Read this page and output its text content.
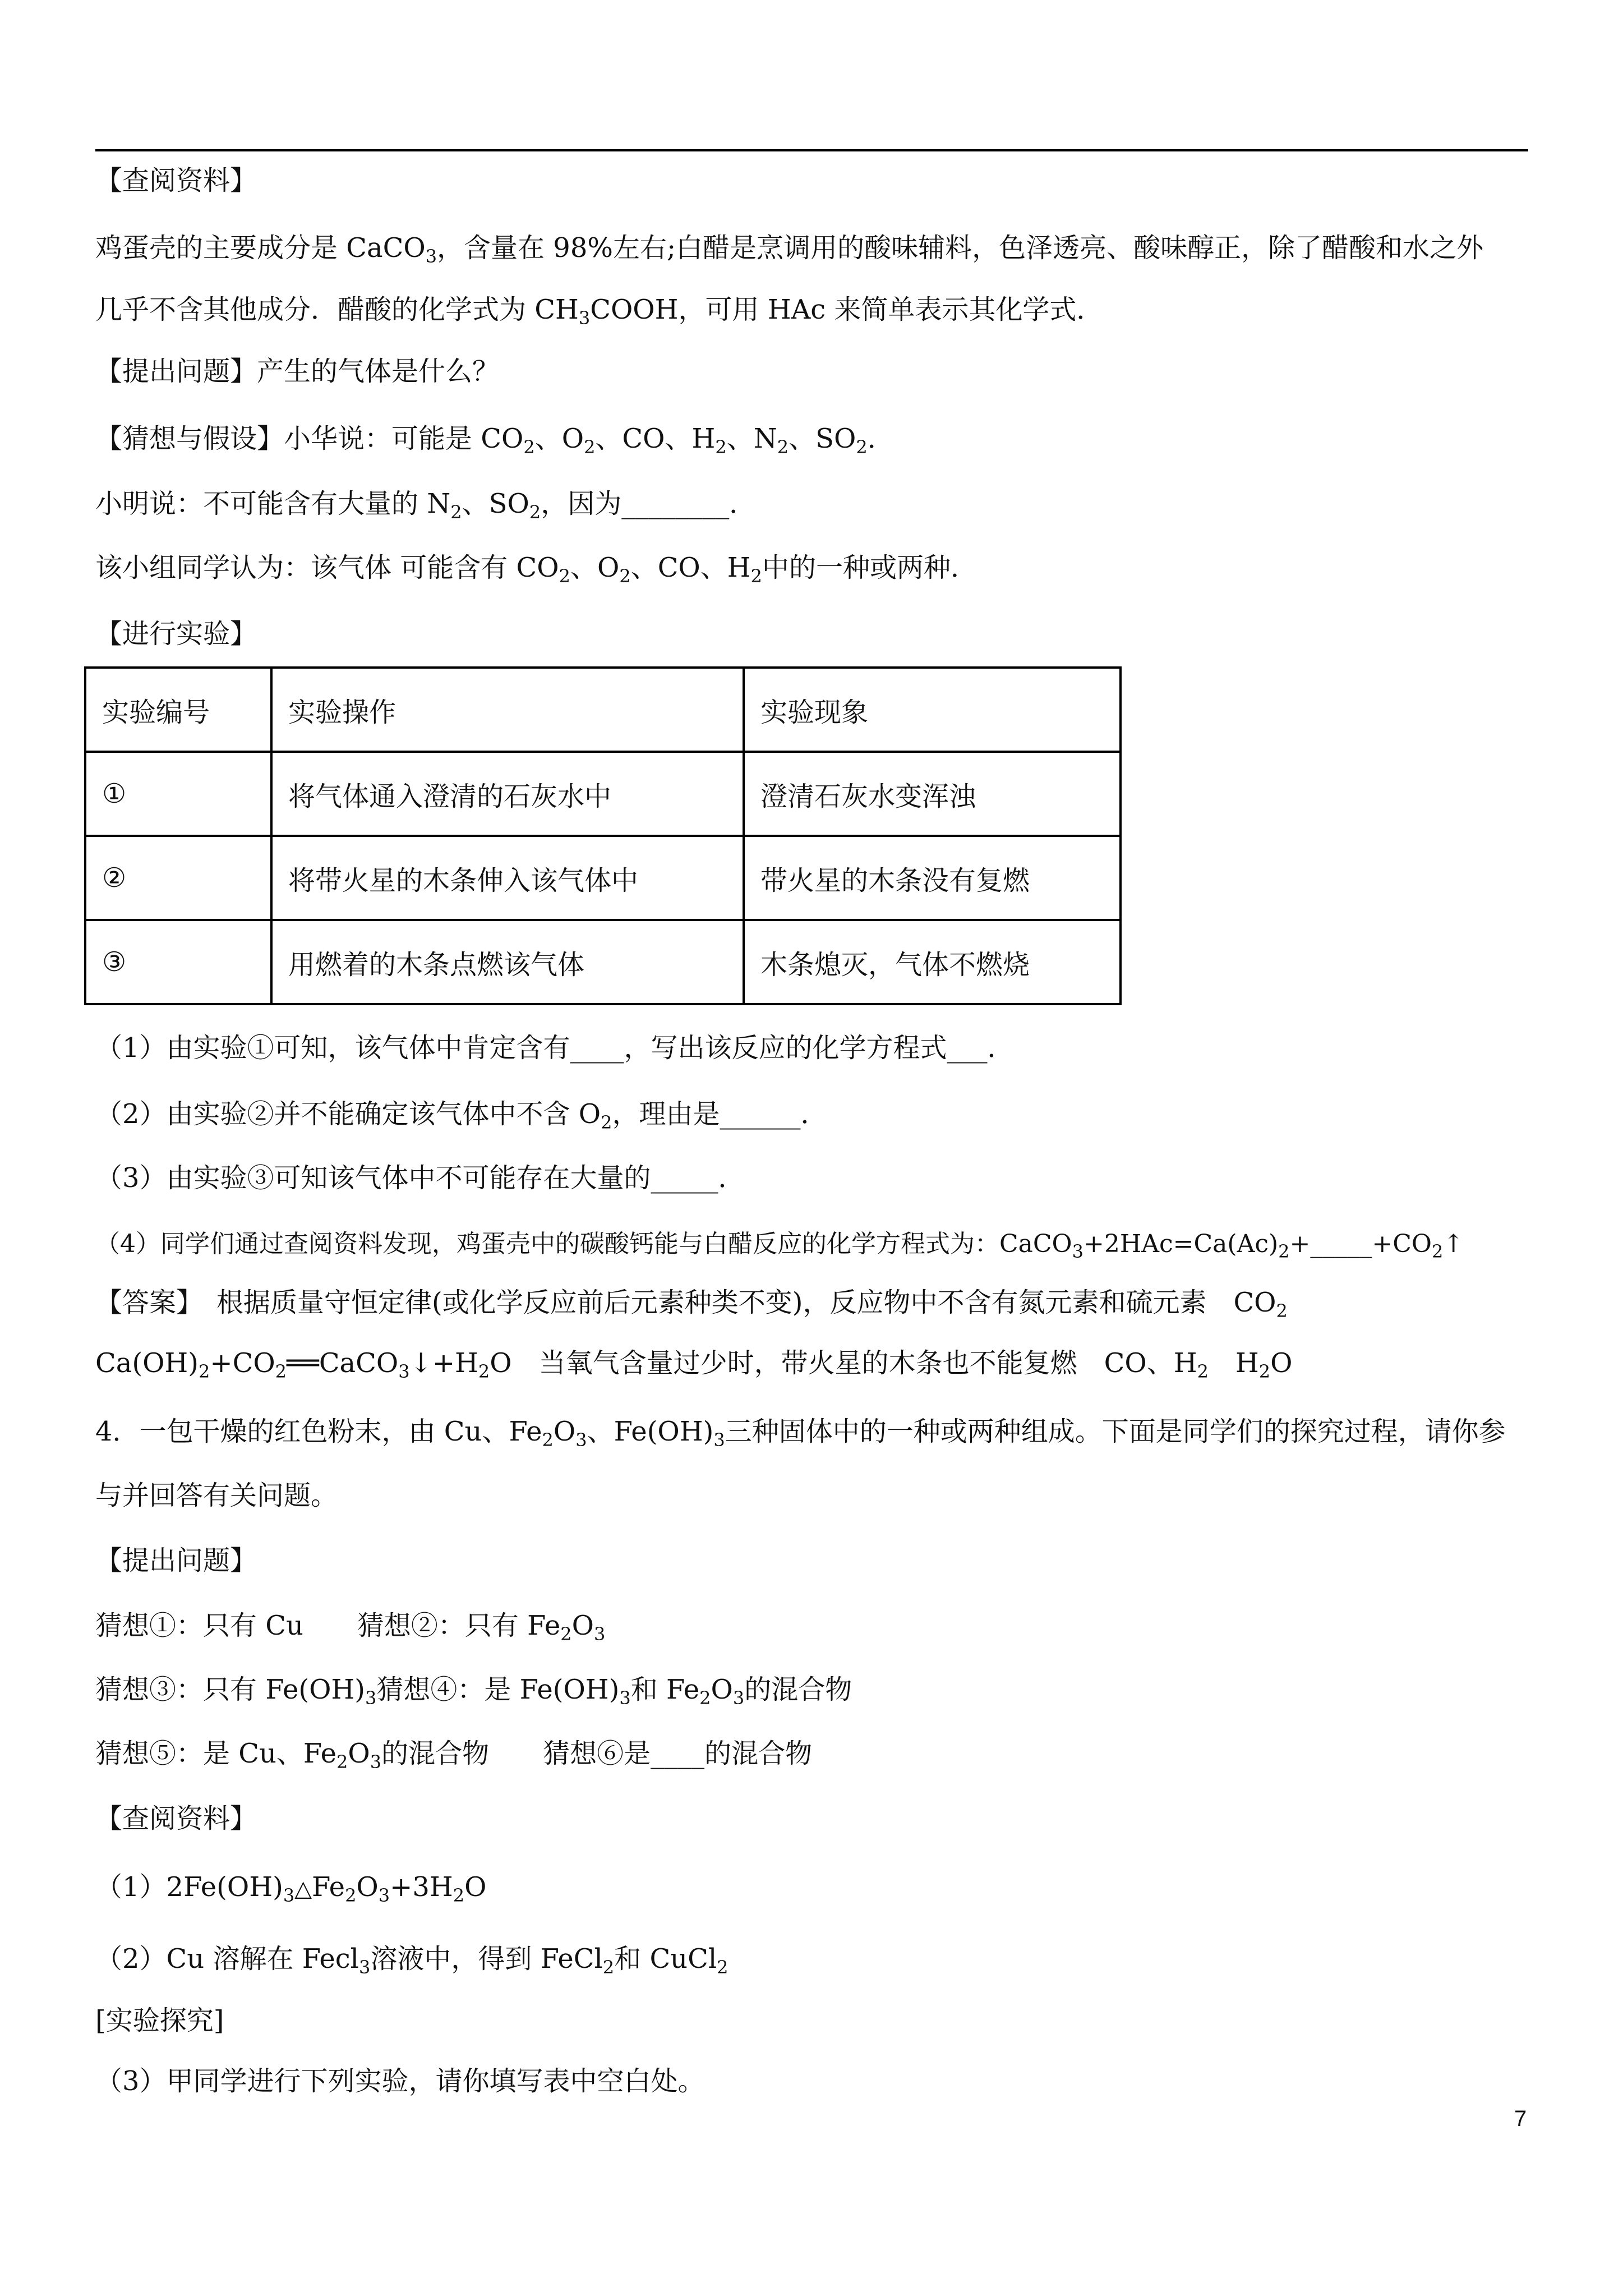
【查阅资料】
鸡蛋壳的主要成分是 CaCO$_3$，含量在 98%左右;白醋是烹调用的酸味辅料，色泽透亮、酸味醇正，除了醋酸和水之外
几乎不含其他成分．醋酸的化学式为 $CH_3COOH$，可用 HAc 来简单表示其化学式．
【提出问题】产生的气体是什么？
【猜想与假设】小华说：可能是 $CO_2$、$O_2$、CO、$H_2$、$N_2$、$SO_2$．
小明说：不可能含有大量的 $N_2$、$SO_2$，因为________．
该小组同学认为：该气体 可能含有 $CO_2$、$O_2$、CO、$H_2$中的一种或两种．
【进行实验】
实验编号	实验操作	实验现象
①	将气体通入澄清的石灰水中	澄清石灰水变浑浊
②	将带火星的木条伸入该气体中	带火星的木条没有复燃
③	用燃着的木条点燃该气体	木条熄灭，气体不燃烧
（1）由实验①可知，该气体中肯定含有____，写出该反应的化学方程式___．
（2）由实验②并不能确定该气体中不含 $O_2$，理由是______．
（3）由实验③可知该气体中不可能存在大量的_____．
（4）同学们通过查阅资料发现，鸡蛋壳中的碳酸钙能与白醋反应的化学方程式为：$CaCO_3+2HAc=Ca(Ac)_2+\_\_\_\_\_+CO_2↑$
【答案】　根据质量守恒定律(或化学反应前后元素种类不变)，反应物中不含有氮元素和硫元素　$CO_2$
$Ca(OH)_2+CO_2══CaCO_3↓+H_2O$　当氧气含量过少时，带火星的木条也不能复燃　CO、$H_2$　$H_2O$
4．一包干燥的红色粉末，由 Cu、$Fe_2O_3$、$Fe(OH)_3$三种固体中的一种或两种组成。下面是同学们的探究过程，请你参
与并回答有关问题。
【提出问题】
猜想①：只有 Cu　　猜想②：只有 $Fe_2O_3$
猜想③：只有 $Fe(OH)_3$猜想④：是 $Fe(OH)_3$和 $Fe_2O_3$的混合物
猜想⑤：是 Cu、$Fe_2O_3$的混合物　　猜想⑥是____的混合物
【查阅资料】
$(1)2Fe(OH)_3\triangle Fe_2O_3+3H_2O$
（2）Cu 溶解在 Fecl$_3$溶液中，得到 FeCl$_2$和 CuCl$_2$
[实验探究]
（3）甲同学进行下列实验，请你填写表中空白处。
7
